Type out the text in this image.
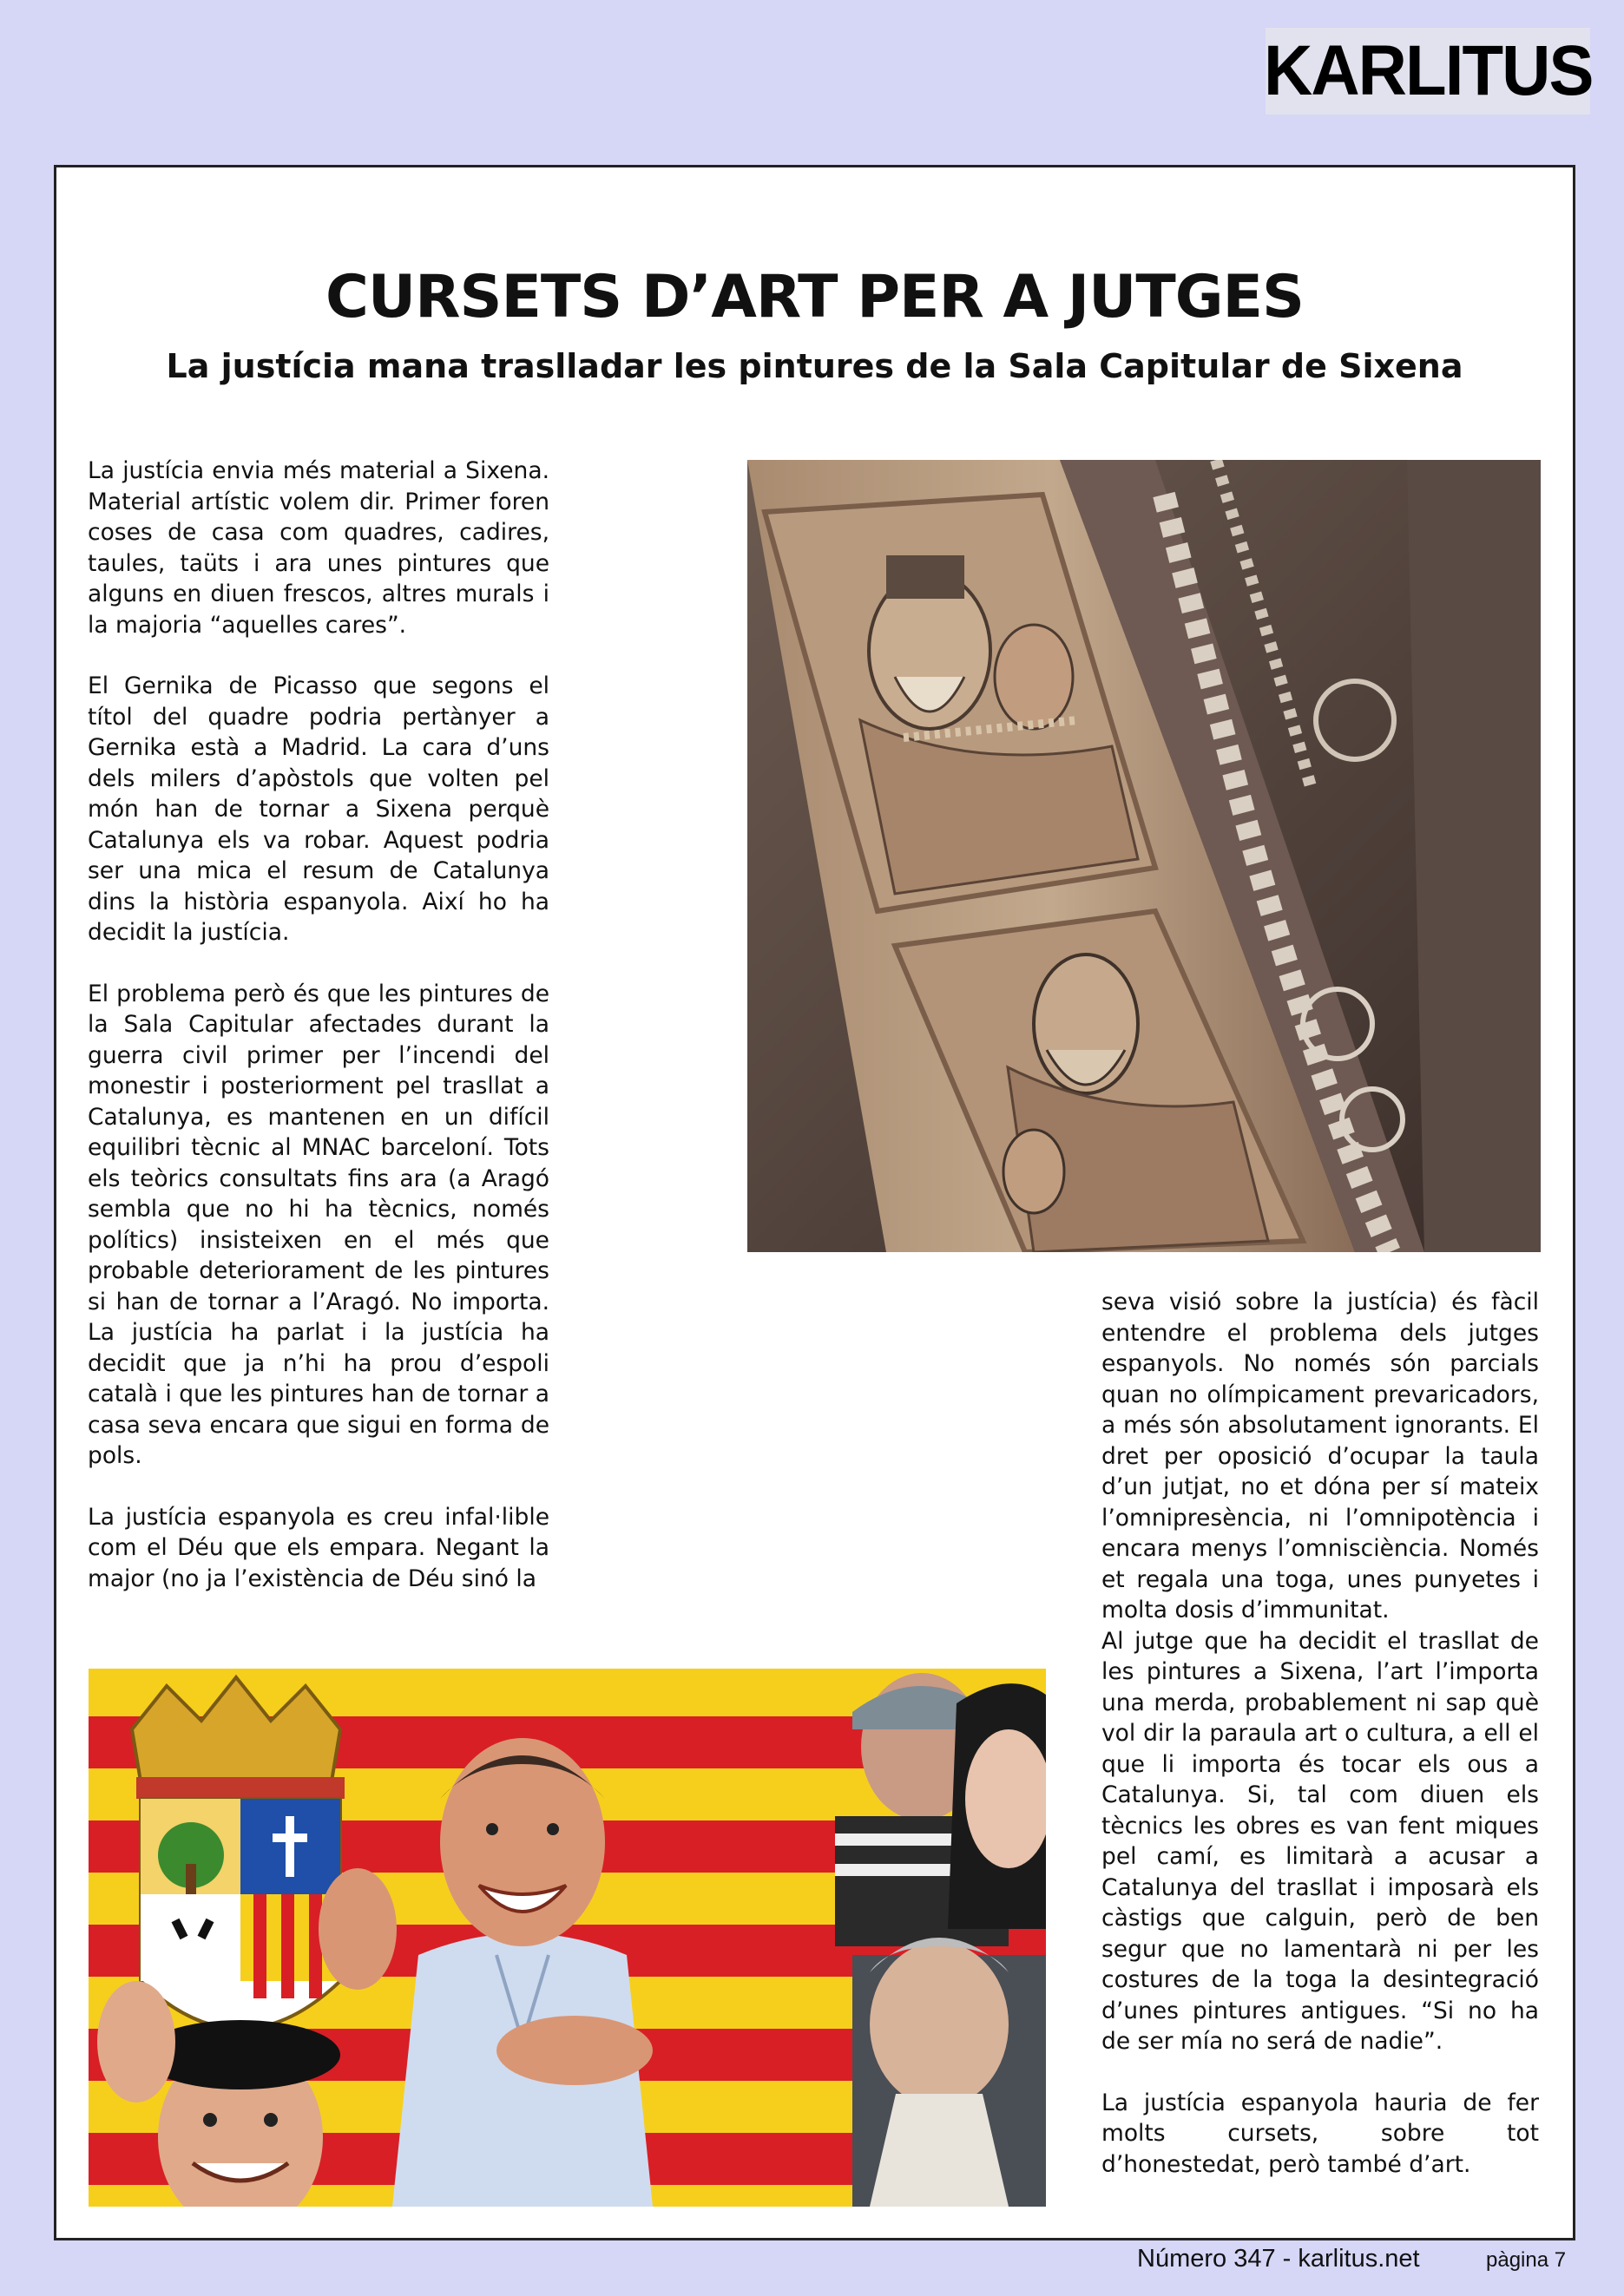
KARLITUS
CURSETS D’ART PER A JUTGES
La justícia mana traslladar les pintures de la Sala Capitular de Sixena

La justícia envia més material a Sixena. Material artístic volem dir. Primer foren coses de casa com quadres, cadires, taules, taüts i ara unes pintures que alguns en diuen frescos, altres murals i la majoria “aquelles cares”.

El Gernika de Picasso que segons el títol del quadre podria pertànyer a Gernika està a Madrid. La cara d’uns dels milers d’apòstols que volten pel món han de tornar a Sixena perquè Catalunya els va robar. Aquest podria ser una mica el resum de Catalunya dins la història espanyola. Així ho ha decidit la justícia.

El problema però és que les pintures de la Sala Capitular afectades durant la guerra civil primer per l’incendi del monestir i posteriorment pel trasllat a Catalunya, es mantenen en un difícil equilibri tècnic al MNAC barceloní. Tots els teòrics consultats fins ara (a Aragó sembla que no hi ha tècnics, només polítics) insisteixen en el més que probable deteriorament de les pintures si han de tornar a l’Aragó. No importa. La justícia ha parlat i la justícia ha decidit que ja n’hi ha prou d’espoli català i que les pintures han de tornar a casa seva encara que sigui en forma de pols.

La justícia espanyola es creu infal·lible com el Déu que els empara. Negant la major (no ja l’existència de Déu sinó la

seva visió sobre la justícia) és fàcil entendre el problema dels jutges espanyols. No només són parcials quan no olímpicament prevaricadors, a més són absolutament ignorants. El dret per oposició d’ocupar la taula d’un jutjat, no et dóna per sí mateix l’omnipresència, ni l’omnipotència i encara menys l’omnisciència. Només et regala una toga, unes punyetes i molta dosis d’immunitat.

Al jutge que ha decidit el trasllat de les pintures a Sixena, l’art l’importa una merda, probablement ni sap què vol dir la paraula art o cultura, a ell el que li importa és tocar els ous a Catalunya. Si, tal com diuen els tècnics les obres es van fent miques pel camí, es limitarà a acusar a Catalunya del trasllat i imposarà els càstigs que calguin, però de ben segur que no lamentarà ni per les costures de la toga la desintegració d’unes pintures antigues. “Si no ha de ser mía no será de nadie”.

La justícia espanyola hauria de fer molts cursets, sobre tot d’honestedat, però també d’art.

Número 347 - karlitus.net	pàgina 7
